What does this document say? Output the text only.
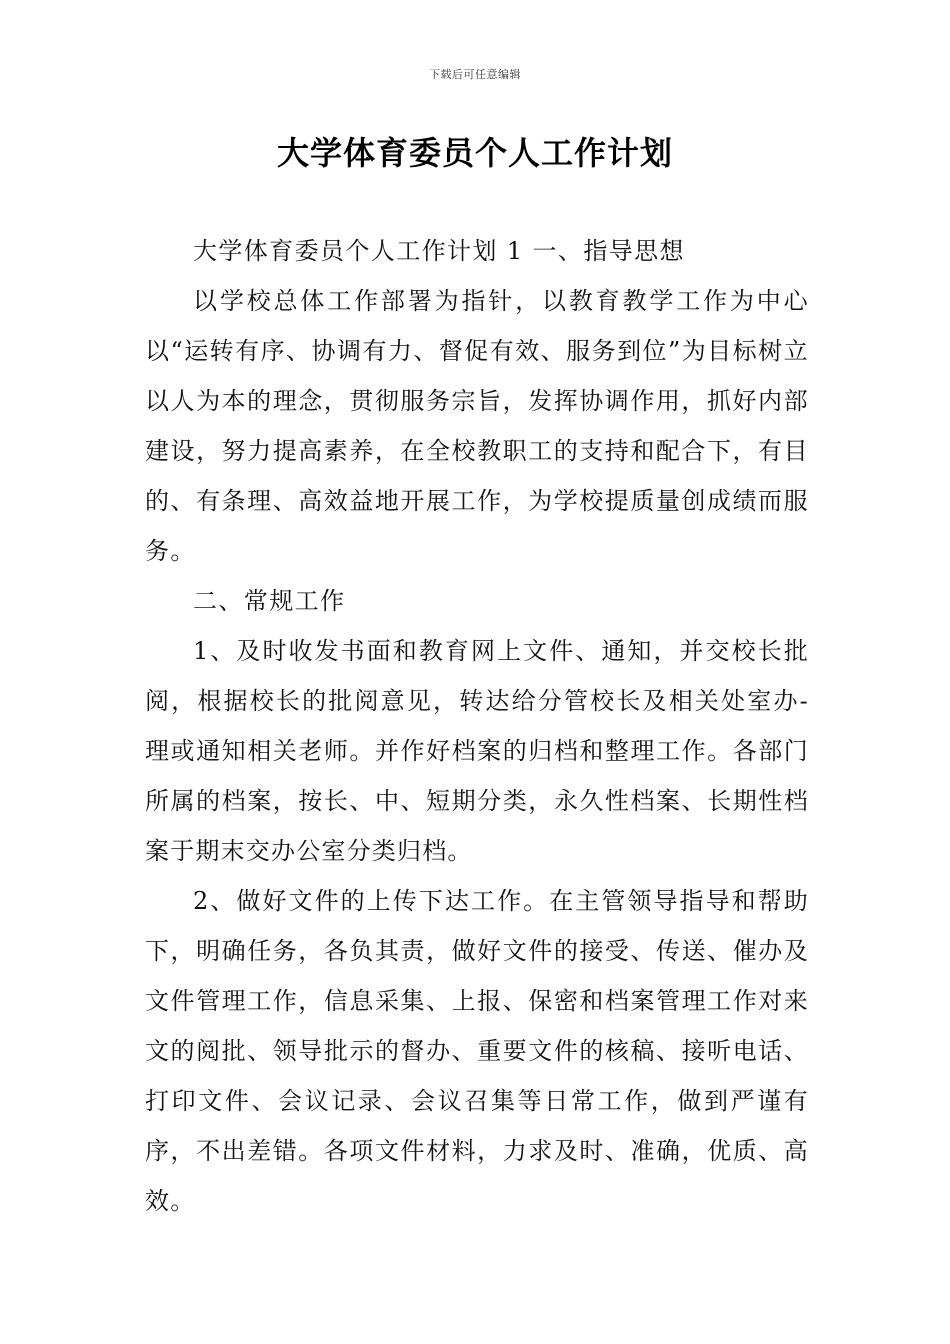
下载后可任意编辑
大学体育委员个人工作计划

大学体育委员个人工作计划 1 一、指导思想

以学校总体工作部署为指针，以教育教学工作为中心以“运转有序、协调有力、督促有效、服务到位”为目标树立以人为本的理念，贯彻服务宗旨，发挥协调作用，抓好内部建设，努力提高素养，在全校教职工的支持和配合下，有目的、有条理、高效益地开展工作，为学校提质量创成绩而服务。

二、常规工作

1、及时收发书面和教育网上文件、通知，并交校长批阅，根据校长的批阅意见，转达给分管校长及相关处室办-理或通知相关老师。并作好档案的归档和整理工作。各部门所属的档案，按长、中、短期分类，永久性档案、长期性档案于期末交办公室分类归档。

2、做好文件的上传下达工作。在主管领导指导和帮助下，明确任务，各负其责，做好文件的接受、传送、催办及文件管理工作，信息采集、上报、保密和档案管理工作对来文的阅批、领导批示的督办、重要文件的核稿、接听电话、打印文件、会议记录、会议召集等日常工作，做到严谨有序，不出差错。各项文件材料，力求及时、准确，优质、高效。
